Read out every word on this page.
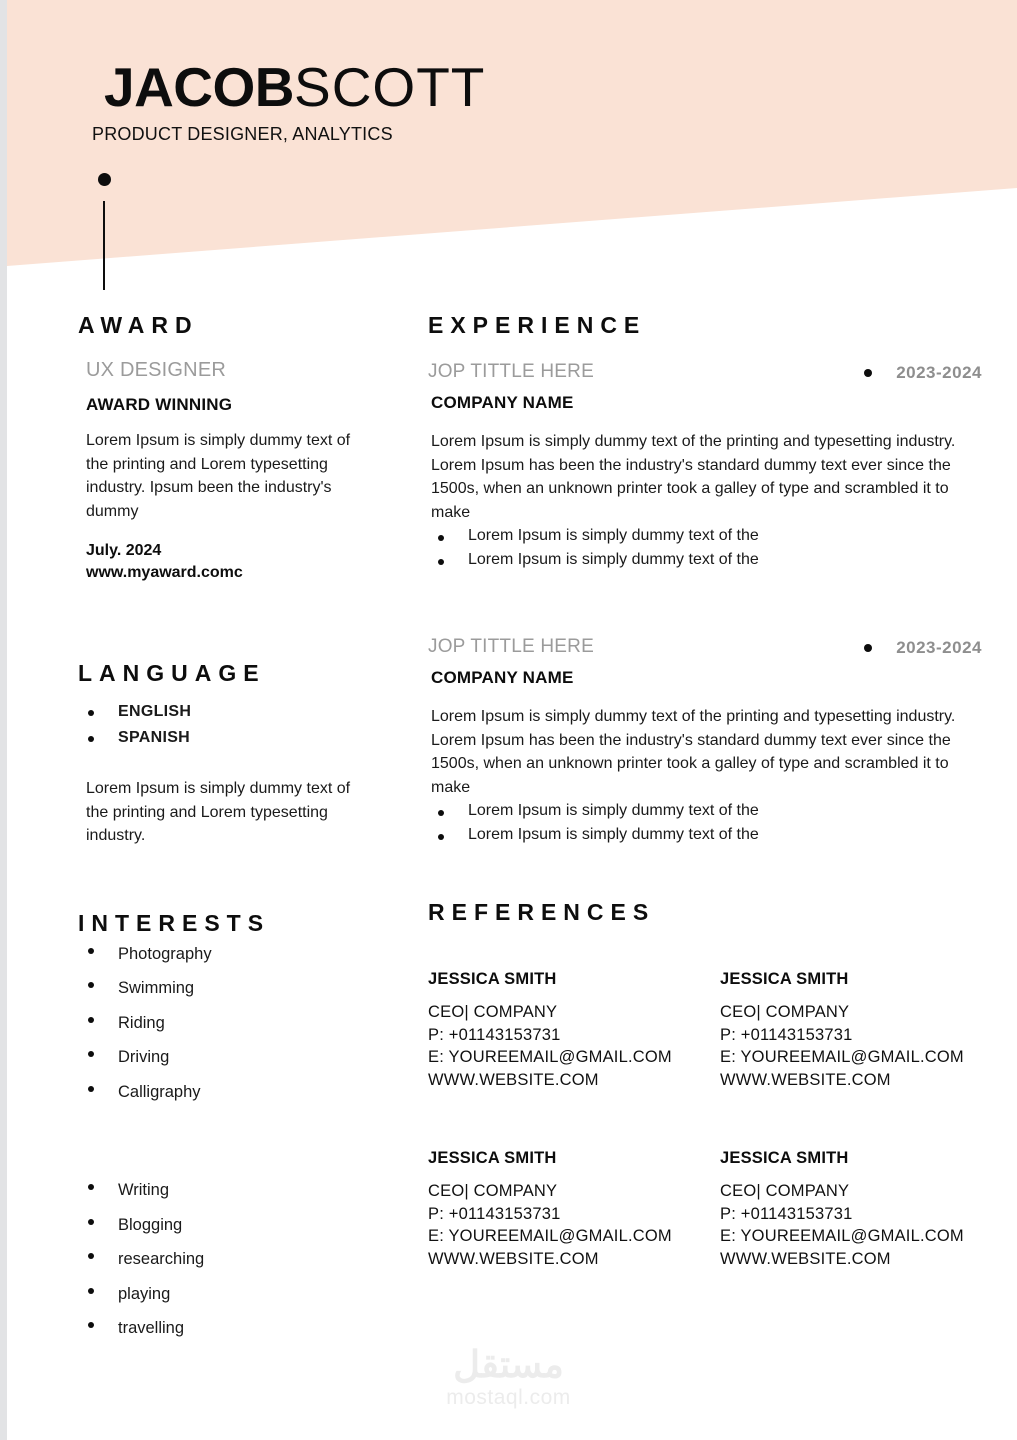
JACOBSCOTT
PRODUCT DESIGNER, ANALYTICS
AWARD
UX DESIGNER
AWARD WINNING

Lorem Ipsum is simply dummy text of the printing and Lorem typesetting industry. Ipsum been the industry's dummy

July. 2024
www.myaward.comc
LANGUAGE
ENGLISH
SPANISH

Lorem Ipsum is simply dummy text of the printing and Lorem typesetting industry.

INTERESTS
Photography
Swimming
Riding
Driving
Calligraphy
Writing
Blogging
researching
playing
travelling
EXPERIENCE
JOP TITTLE HERE	2023-2024
COMPANY NAME

Lorem Ipsum is simply dummy text of the printing and typesetting industry. Lorem Ipsum has been the industry's standard dummy text ever since the 1500s, when an unknown printer took a galley of type and scrambled it to make

Lorem Ipsum is simply dummy text of the
Lorem Ipsum is simply dummy text of the
JOP TITTLE HERE	2023-2024
COMPANY NAME

Lorem Ipsum is simply dummy text of the printing and typesetting industry. Lorem Ipsum has been the industry's standard dummy text ever since the 1500s, when an unknown printer took a galley of type and scrambled it to make

Lorem Ipsum is simply dummy text of the
Lorem Ipsum is simply dummy text of the
REFERENCES
JESSICA SMITH
CEO| COMPANY
P: +01143153731
E: YOUREEMAIL@GMAIL.COM
WWW.WEBSITE.COM
JESSICA SMITH
CEO| COMPANY
P: +01143153731
E: YOUREEMAIL@GMAIL.COM
WWW.WEBSITE.COM
JESSICA SMITH
CEO| COMPANY
P: +01143153731
E: YOUREEMAIL@GMAIL.COM
WWW.WEBSITE.COM
JESSICA SMITH
CEO| COMPANY
P: +01143153731
E: YOUREEMAIL@GMAIL.COM
WWW.WEBSITE.COM
مستقل
mostaql.com
